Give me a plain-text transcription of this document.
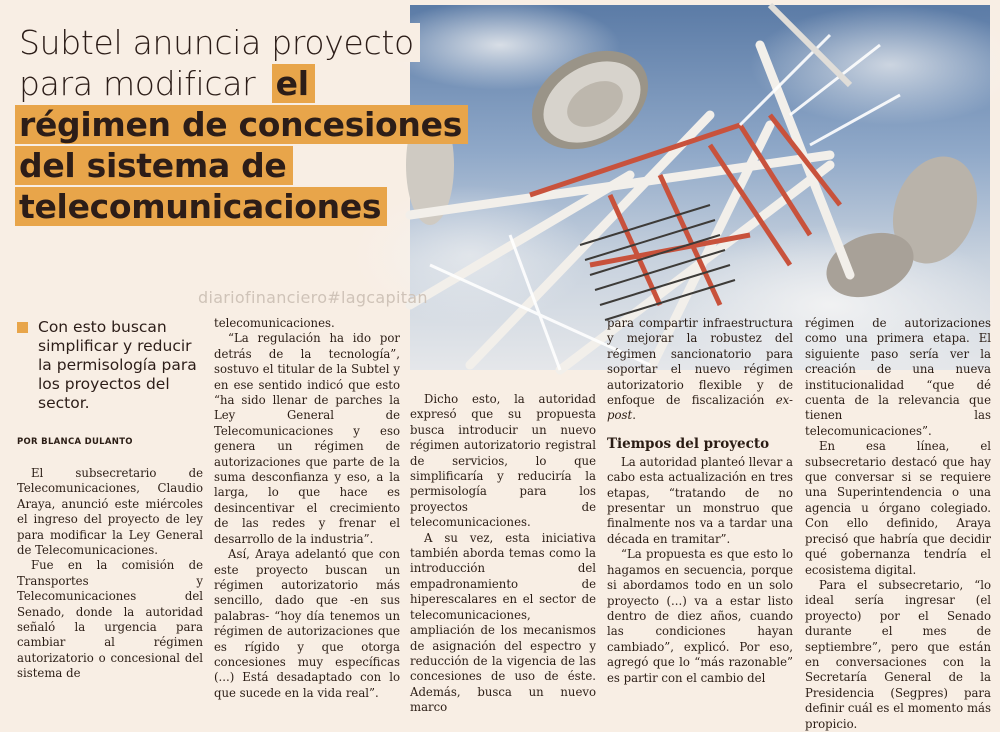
Subtel anuncia proyecto
para modificar el
régimen de concesiones
del sistema de
telecomunicaciones
diariofinanciero#lagcapitan
Con esto buscan simplificar y reducir la permisología para los proyectos del sector.
POR BLANCA DULANTO

El subsecretario de Telecomunicaciones, Claudio Araya, anunció este miércoles el ingreso del proyecto de ley para modificar la Ley General de Telecomunicaciones.

Fue en la comisión de Transportes y Telecomunicaciones del Senado, donde la autoridad señaló la urgencia para cambiar al régimen autorizatorio o concesional del sistema de

telecomunicaciones.

“La regulación ha ido por detrás de la tecnología”, sostuvo el titular de la Subtel y en ese sentido indicó que esto “ha sido llenar de parches la Ley General de Telecomunicaciones y eso genera un régimen de autorizaciones que parte de la suma desconfianza y eso, a la larga, lo que hace es desincentivar el crecimiento de las redes y frenar el desarrollo de la industria”.

Así, Araya adelantó que con este proyecto buscan un régimen autorizatorio más sencillo, dado que -en sus palabras- “hoy día tenemos un régimen de autorizaciones que es rígido y que otorga concesiones muy específicas (...) Está desadaptado con lo que sucede en la vida real”.

Dicho esto, la autoridad expresó que su propuesta busca introducir un nuevo régimen autorizatorio registral de servicios, lo que simplificaría y reduciría la permisología para los proyectos de telecomunicaciones.

A su vez, esta iniciativa también aborda temas como la introducción del empadronamiento de hiperescalares en el sector de telecomunicaciones, ampliación de los mecanismos de asignación del espectro y reducción de la vigencia de las concesiones de uso de éste. Además, busca un nuevo marco

para compartir infraestructura y mejorar la robustez del régimen sancionatorio para soportar el nuevo régimen autorizatorio flexible y de enfoque de fiscalización ex-post.

Tiempos del proyecto

La autoridad planteó llevar a cabo esta actualización en tres etapas, “tratando de no presentar un monstruo que finalmente nos va a tardar una década en tramitar”.

“La propuesta es que esto lo hagamos en secuencia, porque si abordamos todo en un solo proyecto (...) va a estar listo dentro de diez años, cuando las condiciones hayan cambiado”, explicó. Por eso, agregó que lo “más razonable” es partir con el cambio del

régimen de autorizaciones como una primera etapa. El siguiente paso sería ver la creación de una nueva institucionalidad “que dé cuenta de la relevancia que tienen las telecomunicaciones”.

En esa línea, el subsecretario destacó que hay que conversar si se requiere una Superintendencia o una agencia u órgano colegiado. Con ello definido, Araya precisó que habría que decidir qué gobernanza tendría el ecosistema digital.

Para el subsecretario, “lo ideal sería ingresar (el proyecto) por el Senado durante el mes de septiembre”, pero que están en conversaciones con la Secretaría General de la Presidencia (Segpres) para definir cuál es el momento más propicio.
